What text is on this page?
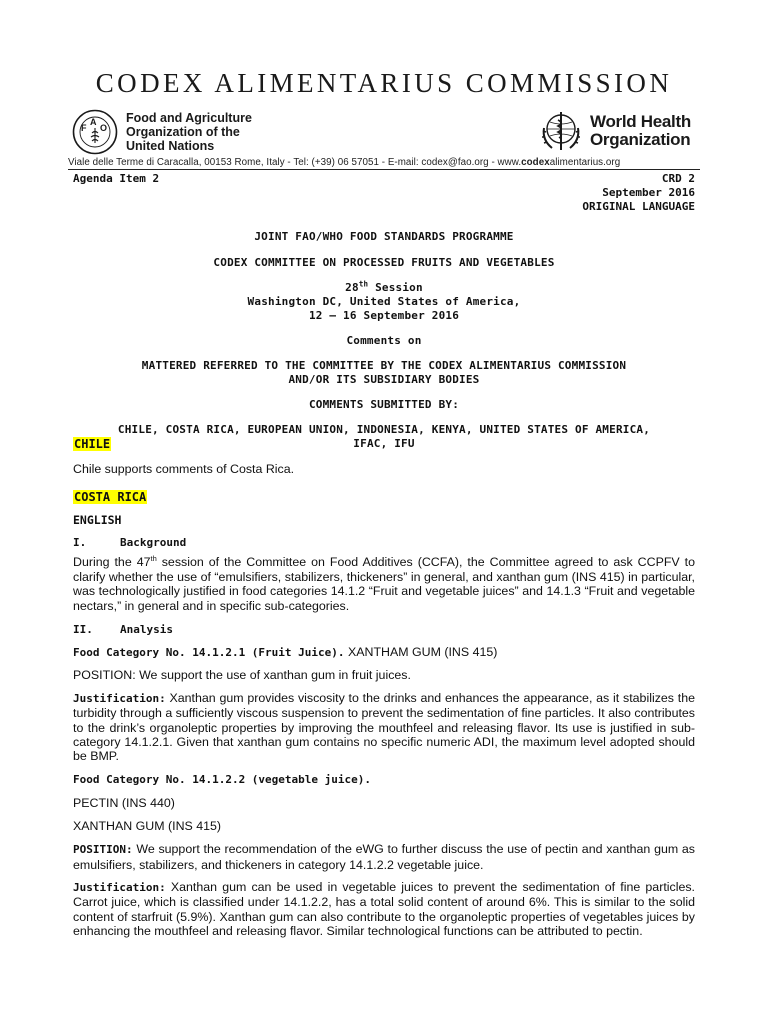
CODEX ALIMENTARIUS COMMISSION
F
A
O
Food and Agriculture
Organization of the
United Nations
World Health
Organization
Viale delle Terme di Caracalla, 00153 Rome, Italy - Tel: (+39) 06 57051 - E-mail: codex@fao.org - www.codexalimentarius.org
Agenda Item 2	CRD 2
September 2016
ORIGINAL LANGUAGE
JOINT FAO/WHO FOOD STANDARDS PROGRAMME
CODEX COMMITTEE ON PROCESSED FRUITS AND VEGETABLES
28th Session
Washington DC, United States of America,
12 – 16 September 2016
Comments on
MATTERED REFERRED TO THE COMMITTEE BY THE CODEX ALIMENTARIUS COMMISSION
AND/OR ITS SUBSIDIARY BODIES
COMMENTS SUBMITTED BY:
CHILE, COSTA RICA, EUROPEAN UNION, INDONESIA, KENYA, UNITED STATES OF AMERICA,
IFAC, IFU
CHILE
Chile supports comments of Costa Rica.
COSTA RICA
ENGLISH
I.	Background
During the 47th session of the Committee on Food Additives (CCFA), the Committee agreed to ask CCPFV to clarify whether the use of “emulsifiers, stabilizers, thickeners” in general, and xanthan gum (INS 415) in particular, was technologically justified in food categories 14.1.2 “Fruit and vegetable juices” and 14.1.3 “Fruit and vegetable nectars,” in general and in specific sub-categories.
II.	Analysis
Food Category No. 14.1.2.1 (Fruit Juice). XANTHAM GUM (INS 415)
POSITION: We support the use of xanthan gum in fruit juices.
Justification: Xanthan gum provides viscosity to the drinks and enhances the appearance, as it stabilizes the turbidity through a sufficiently viscous suspension to prevent the sedimentation of fine particles. It also contributes to the drink’s organoleptic properties by improving the mouthfeel and releasing flavor. Its use is justified in sub-category 14.1.2.1. Given that xanthan gum contains no specific numeric ADI, the maximum level adopted should be BMP.
Food Category No. 14.1.2.2 (vegetable juice).
PECTIN (INS 440)
XANTHAN GUM (INS 415)
POSITION: We support the recommendation of the eWG to further discuss the use of pectin and xanthan gum as emulsifiers, stabilizers, and thickeners in category 14.1.2.2 vegetable juice.
Justification: Xanthan gum can be used in vegetable juices to prevent the sedimentation of fine particles. Carrot juice, which is classified under 14.1.2.2, has a total solid content of around 6%. This is similar to the solid content of starfruit (5.9%). Xanthan gum can also contribute to the organoleptic properties of vegetables juices by enhancing the mouthfeel and releasing flavor. Similar technological functions can be attributed to pectin.
